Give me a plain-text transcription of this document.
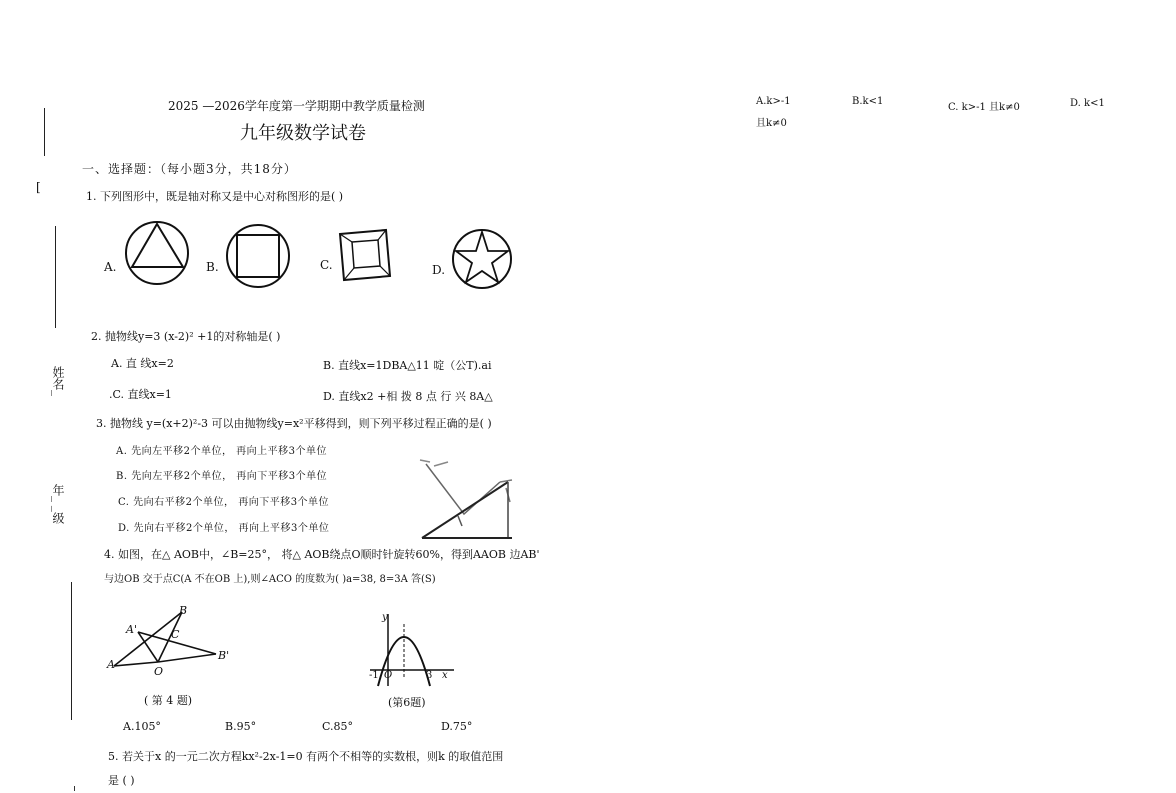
[
姓名_
年_ _级
2025 —2026学年度第一学期期中教学质量检测
九年级数学试卷
一、选择题：（每小题3分，共18分）
1. 下列图形中，既是轴对称又是中心对称图形的是( )
A.	B.	C.	D.
2. 抛物线y=3 (x-2)² +1的对称轴是( )
A. 直 线x=2	B. 直线x=1DBA△11 啶（公T).ai
.C. 直线x=1	D. 直线x2 +相 拨 8 点 行 兴 8A△
3. 抛物线 y=(x+2)²-3 可以由抛物线y=x²平移得到，则下列平移过程正确的是( )
A. 先向左平移2个单位， 再向上平移3个单位
B. 先向左平移2个单位， 再向下平移3个单位
C. 先向右平移2个单位， 再向下平移3个单位
D. 先向右平移2个单位， 再向上平移3个单位
4. 如图，在△ AOB中，∠B=25°， 将△ AOB绕点O顺时针旋转60%，得到AAOB 边AB'
与边OB 交于点C(A 不在OB 上),则∠ACO 的度数为( )a=38, 8=3A 答(S)
B
A'	C
A
O
B'
( 第 4 题)
y
x
-1 O	3
(第6题)
A.105°	B.95°	C.85°	D.75°
5. 若关于x 的一元二次方程kx²-2x-1=0 有两个不相等的实数根，则k 的取值范围
是 ( )
A.k>-1	B.k<1
C. k>-1 且k≠0	D. k<1
且k≠0
